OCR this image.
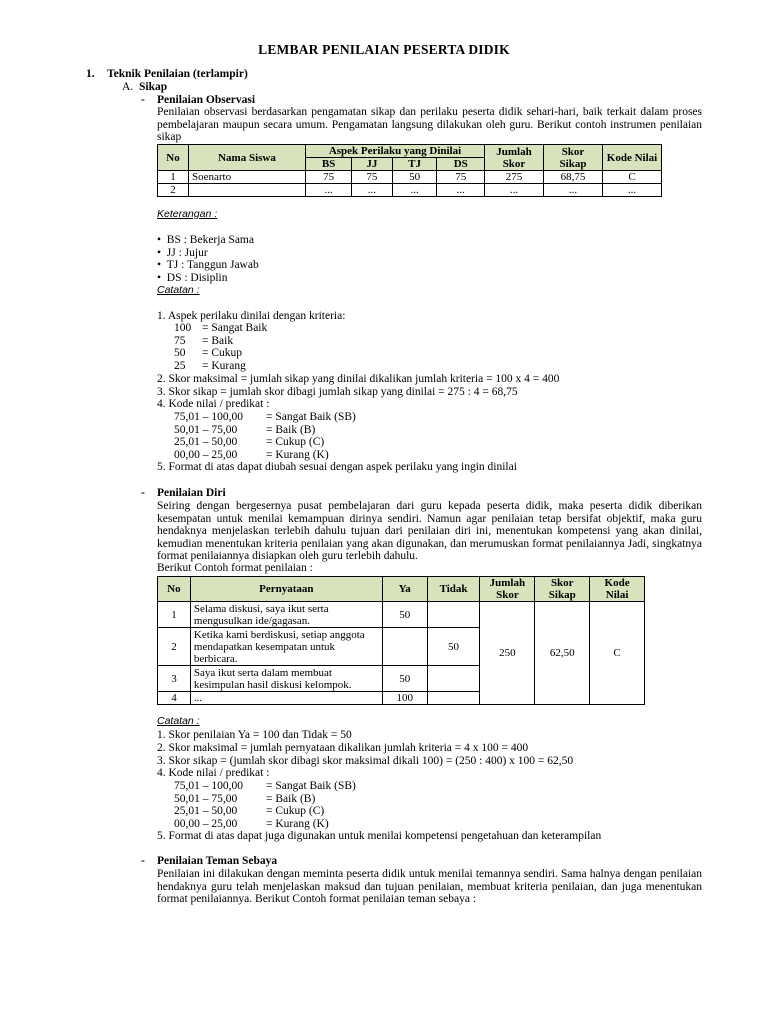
LEMBAR PENILAIAN PESERTA DIDIK
1. Teknik Penilaian (terlampir)
A. Sikap
- Penilaian Observasi
Penilaian observasi berdasarkan pengamatan sikap dan perilaku peserta didik sehari-hari, baik terkait dalam proses pembelajaran maupun secara umum. Pengamatan langsung dilakukan oleh guru. Berikut contoh instrumen penilaian sikap
No	Nama Siswa	Aspek Perilaku yang Dinilai				Jumlah Skor	Skor Sikap	Kode Nilai
		BS	JJ	TJ	DS			
1	Soenarto	75	75	50	75	275	68,75	C
2		...	...	...	...	...	...	...
Keterangan :
•  BS : Bekerja Sama
•  JJ : Jujur
•  TJ : Tanggun Jawab
•  DS : Disiplin
Catatan :
1. Aspek perilaku dinilai dengan kriteria:
100 = Sangat Baik
75 = Baik
50 = Cukup
25 = Kurang
2. Skor maksimal = jumlah sikap yang dinilai dikalikan jumlah kriteria = 100 x 4 = 400
3. Skor sikap = jumlah skor dibagi jumlah sikap yang dinilai = 275 : 4 = 68,75
4. Kode nilai / predikat :
75,01 – 100,00 = Sangat Baik (SB)
50,01 – 75,00	= Baik (B)
25,01 – 50,00	= Cukup (C)
00,00 – 25,00	= Kurang (K)
5. Format di atas dapat diubah sesuai dengan aspek perilaku yang ingin dinilai
- Penilaian Diri
Seiring dengan bergesernya pusat pembelajaran dari guru kepada peserta didik, maka peserta didik diberikan kesempatan untuk menilai kemampuan dirinya sendiri. Namun agar penilaian tetap bersifat objektif, maka guru hendaknya menjelaskan terlebih dahulu tujuan dari penilaian diri ini, menentukan kompetensi yang akan dinilai, kemudian menentukan kriteria penilaian yang akan digunakan, dan merumuskan format penilaiannya Jadi, singkatnya format penilaiannya disiapkan oleh guru terlebih dahulu.
Berikut Contoh format penilaian :
No	Pernyataan	Ya	Tidak	Jumlah Skor	Skor Sikap	Kode Nilai
1	Selama diskusi, saya ikut serta mengusulkan ide/gagasan.	50		250	62,50	C
2	Ketika kami berdiskusi, setiap anggota mendapatkan kesempatan untuk berbicara.		50			
3	Saya ikut serta dalam membuat kesimpulan hasil diskusi kelompok.	50				
4	...	100				
Catatan :
1. Skor penilaian Ya = 100 dan Tidak = 50
2. Skor maksimal = jumlah pernyataan dikalikan jumlah kriteria = 4 x 100 = 400
3. Skor sikap = (jumlah skor dibagi skor maksimal dikali 100) = (250 : 400) x 100 = 62,50
4. Kode nilai / predikat :
75,01 – 100,00 = Sangat Baik (SB)
50,01 – 75,00	= Baik (B)
25,01 – 50,00	= Cukup (C)
00,00 – 25,00	= Kurang (K)
5. Format di atas dapat juga digunakan untuk menilai kompetensi pengetahuan dan keterampilan
- Penilaian Teman Sebaya
Penilaian ini dilakukan dengan meminta peserta didik untuk menilai temannya sendiri. Sama halnya dengan penilaian hendaknya guru telah menjelaskan maksud dan tujuan penilaian, membuat kriteria penilaian, dan juga menentukan format penilaiannya. Berikut Contoh format penilaian teman sebaya :
